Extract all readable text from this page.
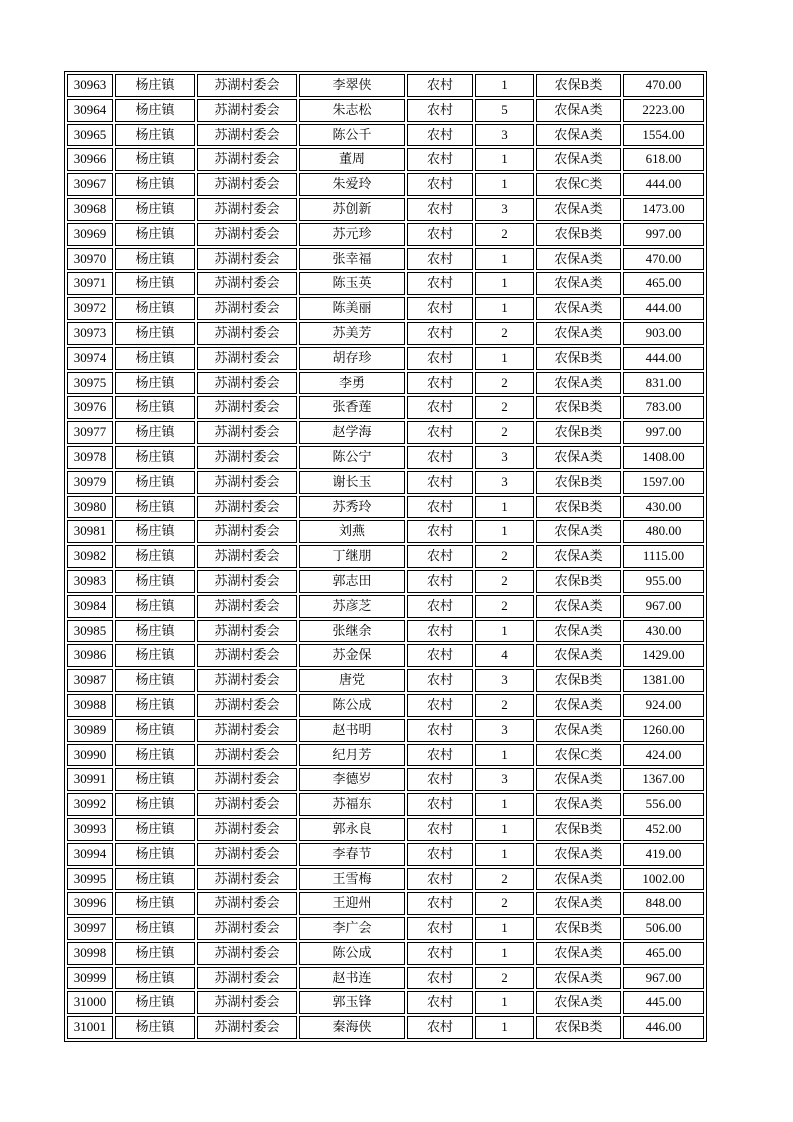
30963	杨庄镇	苏湖村委会	李翠侠	农村	1	农保B类	470.00
30964	杨庄镇	苏湖村委会	朱志松	农村	5	农保A类	2223.00
30965	杨庄镇	苏湖村委会	陈公千	农村	3	农保A类	1554.00
30966	杨庄镇	苏湖村委会	董周	农村	1	农保A类	618.00
30967	杨庄镇	苏湖村委会	朱爱玲	农村	1	农保C类	444.00
30968	杨庄镇	苏湖村委会	苏创新	农村	3	农保A类	1473.00
30969	杨庄镇	苏湖村委会	苏元珍	农村	2	农保B类	997.00
30970	杨庄镇	苏湖村委会	张幸福	农村	1	农保A类	470.00
30971	杨庄镇	苏湖村委会	陈玉英	农村	1	农保A类	465.00
30972	杨庄镇	苏湖村委会	陈美丽	农村	1	农保A类	444.00
30973	杨庄镇	苏湖村委会	苏美芳	农村	2	农保A类	903.00
30974	杨庄镇	苏湖村委会	胡存珍	农村	1	农保B类	444.00
30975	杨庄镇	苏湖村委会	李勇	农村	2	农保A类	831.00
30976	杨庄镇	苏湖村委会	张香莲	农村	2	农保B类	783.00
30977	杨庄镇	苏湖村委会	赵学海	农村	2	农保B类	997.00
30978	杨庄镇	苏湖村委会	陈公宁	农村	3	农保A类	1408.00
30979	杨庄镇	苏湖村委会	谢长玉	农村	3	农保B类	1597.00
30980	杨庄镇	苏湖村委会	苏秀玲	农村	1	农保B类	430.00
30981	杨庄镇	苏湖村委会	刘燕	农村	1	农保A类	480.00
30982	杨庄镇	苏湖村委会	丁继朋	农村	2	农保A类	1115.00
30983	杨庄镇	苏湖村委会	郭志田	农村	2	农保B类	955.00
30984	杨庄镇	苏湖村委会	苏彦芝	农村	2	农保A类	967.00
30985	杨庄镇	苏湖村委会	张继余	农村	1	农保A类	430.00
30986	杨庄镇	苏湖村委会	苏金保	农村	4	农保A类	1429.00
30987	杨庄镇	苏湖村委会	唐党	农村	3	农保B类	1381.00
30988	杨庄镇	苏湖村委会	陈公成	农村	2	农保A类	924.00
30989	杨庄镇	苏湖村委会	赵书明	农村	3	农保A类	1260.00
30990	杨庄镇	苏湖村委会	纪月芳	农村	1	农保C类	424.00
30991	杨庄镇	苏湖村委会	李德岁	农村	3	农保A类	1367.00
30992	杨庄镇	苏湖村委会	苏福东	农村	1	农保A类	556.00
30993	杨庄镇	苏湖村委会	郭永良	农村	1	农保B类	452.00
30994	杨庄镇	苏湖村委会	李春节	农村	1	农保A类	419.00
30995	杨庄镇	苏湖村委会	王雪梅	农村	2	农保A类	1002.00
30996	杨庄镇	苏湖村委会	王迎州	农村	2	农保A类	848.00
30997	杨庄镇	苏湖村委会	李广会	农村	1	农保B类	506.00
30998	杨庄镇	苏湖村委会	陈公成	农村	1	农保A类	465.00
30999	杨庄镇	苏湖村委会	赵书连	农村	2	农保A类	967.00
31000	杨庄镇	苏湖村委会	郭玉锋	农村	1	农保A类	445.00
31001	杨庄镇	苏湖村委会	秦海侠	农村	1	农保B类	446.00
